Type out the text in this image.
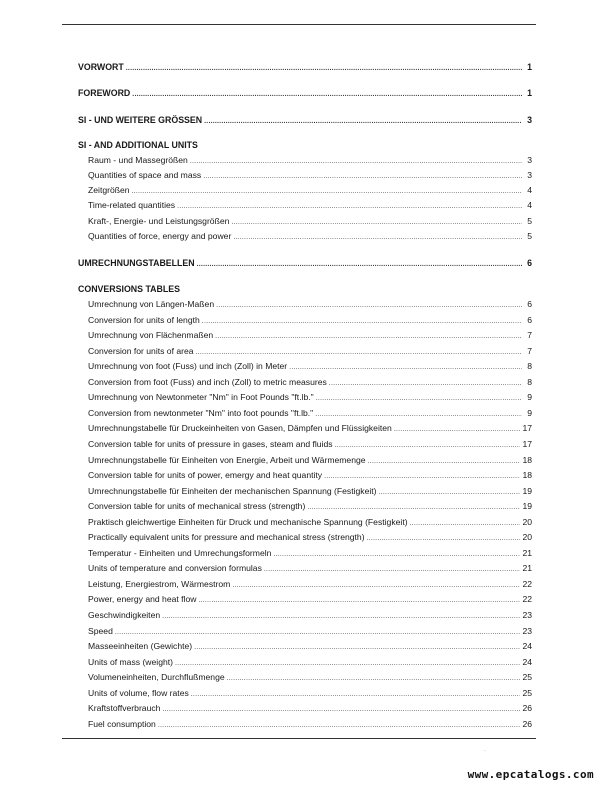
VORWORT .....	1
FOREWORD .....	1
SI - UND WEITERE GRÖSSEN .....	3
SI - AND ADDITIONAL UNITS
Raum - und Massegrößen .....	3
Quantities of space and mass .....	3
Zeitgrößen .....	4
Time-related quantities .....	4
Kraft-, Energie- und Leistungsgrößen .....	5
Quantities of force, energy and power .....	5
UMRECHNUNGSTABELLEN .....	6
CONVERSIONS TABLES
Umrechnung von Längen-Maßen .....	6
Conversion for units of length .....	6
Umrechnung von Flächenmaßen .....	7
Conversion for units of area .....	7
Umrechnung von foot (Fuss) und inch (Zoll) in Meter .....	8
Conversion from foot (Fuss) and inch (Zoll) to metric measures .....	8
Umrechnung von Newtonmeter "Nm" in Foot Pounds "ft.lb." .....	9
Conversion from newtonmeter "Nm" into foot pounds "ft.lb." .....	9
Umrechnungstabelle für Druckeinheiten von Gasen, Dämpfen und Flüssigkeiten .....	17
Conversion table for units of pressure in gases, steam and fluids .....	17
Umrechnungstabelle für Einheiten von Energie, Arbeit und Wärmemenge .....	18
Conversion table for units of power, emergy and heat quantity .....	18
Umrechnungstabelle für Einheiten der mechanischen Spannung (Festigkeit) .....	19
Conversion table for units of mechanical stress (strength) .....	19
Praktisch gleichwertige Einheiten für Druck und mechanische Spannung (Festigkeit) .....	20
Practically equivalent units for pressure and mechanical stress (strength) .....	20
Temperatur - Einheiten und Umrechungsformeln .....	21
Units of temperature and conversion formulas .....	21
Leistung, Energiestrom, Wärmestrom .....	22
Power, energy and heat flow .....	22
Geschwindigkeiten .....	23
Speed .....	23
Masseeinheiten (Gewichte) .....	24
Units of mass (weight) .....	24
Volumeneinheiten, Durchflußmenge .....	25
Units of volume, flow rates .....	25
Kraftstoffverbrauch .....	26
Fuel consumption .....	26
·
www.epcatalogs.com
